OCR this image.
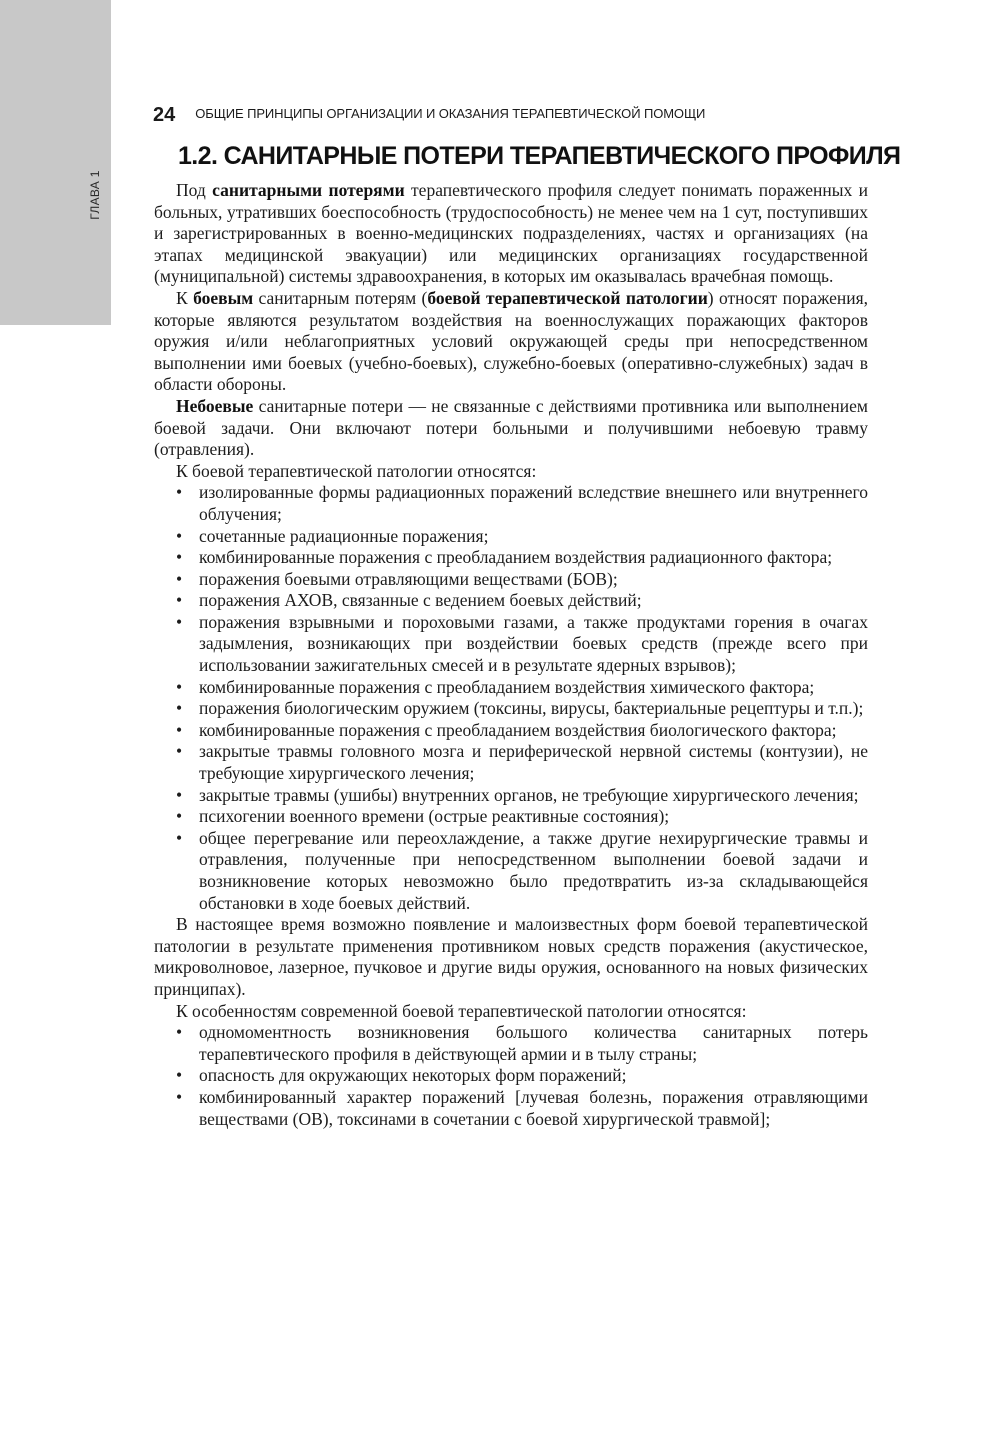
ГЛАВА 1
24 ОБЩИЕ ПРИНЦИПЫ ОРГАНИЗАЦИИ И ОКАЗАНИЯ ТЕРАПЕВТИЧЕСКОЙ ПОМОЩИ
1.2. САНИТАРНЫЕ ПОТЕРИ ТЕРАПЕВТИЧЕСКОГО ПРОФИЛЯ

Под санитарными потерями терапевтического профиля следует понимать пораженных и больных, утративших боеспособность (трудоспособность) не менее чем на 1 сут, поступивших и зарегистрированных в военно-медицинских подразделениях, частях и организациях (на этапах медицинской эвакуации) или медицинских организациях государственной (муниципальной) системы здравоохранения, в которых им оказывалась врачебная помощь.

К боевым санитарным потерям (боевой терапевтической патологии) относят поражения, которые являются результатом воздействия на военнослужащих поражающих факторов оружия и/или неблагоприятных условий окружающей среды при непосредственном выполнении ими боевых (учебно-боевых), служебно-боевых (оперативно-служебных) задач в области обороны.

Небоевые санитарные потери — не связанные с действиями противника или выполнением боевой задачи. Они включают потери больными и получившими небоевую травму (отравления).

К боевой терапевтической патологии относятся:

• изолированные формы радиационных поражений вследствие внешнего или внутреннего облучения;
• сочетанные радиационные поражения;
• комбинированные поражения с преобладанием воздействия радиационного фактора;
• поражения боевыми отравляющими веществами (БОВ);
• поражения АХОВ, связанные с ведением боевых действий;
• поражения взрывными и пороховыми газами, а также продуктами горения в очагах задымления, возникающих при воздействии боевых средств (прежде всего при использовании зажигательных смесей и в результате ядерных взрывов);
• комбинированные поражения с преобладанием воздействия химического фактора;
• поражения биологическим оружием (токсины, вирусы, бактериальные рецептуры и т.п.);
• комбинированные поражения с преобладанием воздействия биологического фактора;
• закрытые травмы головного мозга и периферической нервной системы (контузии), не требующие хирургического лечения;
• закрытые травмы (ушибы) внутренних органов, не требующие хирургического лечения;
• психогении военного времени (острые реактивные состояния);
• общее перегревание или переохлаждение, а также другие нехирургические травмы и отравления, полученные при непосредственном выполнении боевой задачи и возникновение которых невозможно было предотвратить из-за складывающейся обстановки в ходе боевых действий.

В настоящее время возможно появление и малоизвестных форм боевой терапевтической патологии в результате применения противником новых средств поражения (акустическое, микроволновое, лазерное, пучковое и другие виды оружия, основанного на новых физических принципах).

К особенностям современной боевой терапевтической патологии относятся:

• одномоментность возникновения большого количества санитарных потерь терапевтического профиля в действующей армии и в тылу страны;
• опасность для окружающих некоторых форм поражений;
• комбинированный характер поражений [лучевая болезнь, поражения отравляющими веществами (ОВ), токсинами в сочетании с боевой хирургической травмой];
